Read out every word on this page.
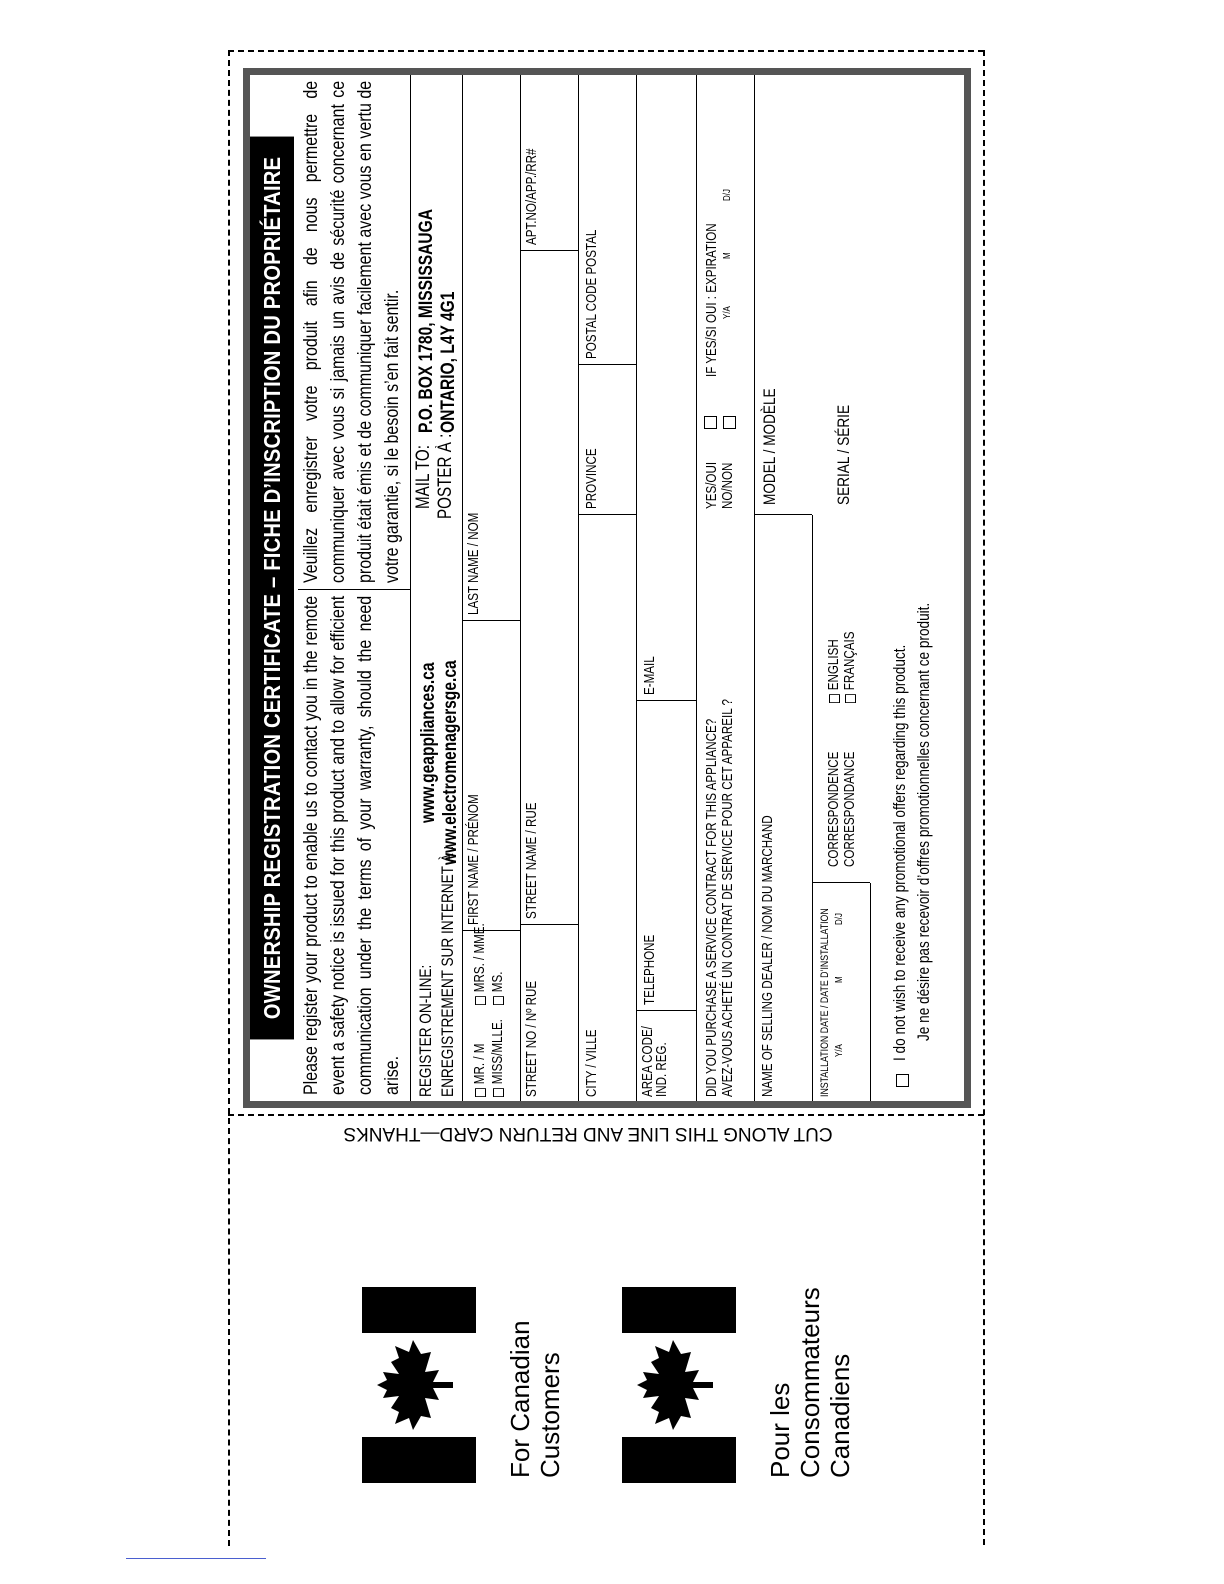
OWNERSHIP REGISTRATION CERTIFICATE – FICHE D’INSCRIPTION DU PROPRIÉTAIRE Please register your product to enable us to contact you in the remote event a safety notice is issued for this product and to allow for efficient communication under the terms of your warranty, should the need arise.
Veuillez enregistrer votre produit afin de nous permettre de communiquer avec vous si jamais un avis de sécurité concernant ce produit était émis et de communiquer facilement avec vous en vertu de votre garantie, si le besoin s’en fait sentir.
REGISTER ON-LINE: ENREGISTREMENT SUR INTERNET À :
www.geappliances.ca www.electromenagersge.ca
MAIL TO: POSTER À :
P.O. BOX 1780, MISSISSAUGA ONTARIO, L4Y 4G1
MR. / M MISS/MLLE.
MRS. / MME. MS.
FIRST NAME / PRÉNOM
LAST NAME / NOM
STREET NO / Nº RUE
STREET NAME / RUE
APT.NO/APP./RR#
CITY / VILLE
PROVINCE
POSTAL CODE POSTAL
AREA CODE/
IND. REG.
TELEPHONE
E-MAIL
DID YOU PURCHASE A SERVICE CONTRACT FOR THIS APPLIANCE? AVEZ-VOUS ACHETÉ UN CONTRAT DE SERVICE POUR CET APPAREIL ?
YES/OUI NO/NON
IF YES/SI OUI : EXPIRATION Y/A
M
D/J
NAME OF SELLING DEALER / NOM DU MARCHAND
MODEL / MODÈLE
INSTALLATION DATE / DATE D’INSTALLATION Y/A
M
D/J
CORRESPONDENCE CORRESPONDANCE
ENGLISH FRANÇAIS
SERIAL / SÉRIE
I do not wish to receive any promotional offers regarding this product. Je ne désire pas recevoir d’offres promotionnelles concernant ce produit.
CUT ALONG THIS LINE AND RETURN CARD—THANKS
For Canadian Customers	Pour les Consommateurs Canadiens
